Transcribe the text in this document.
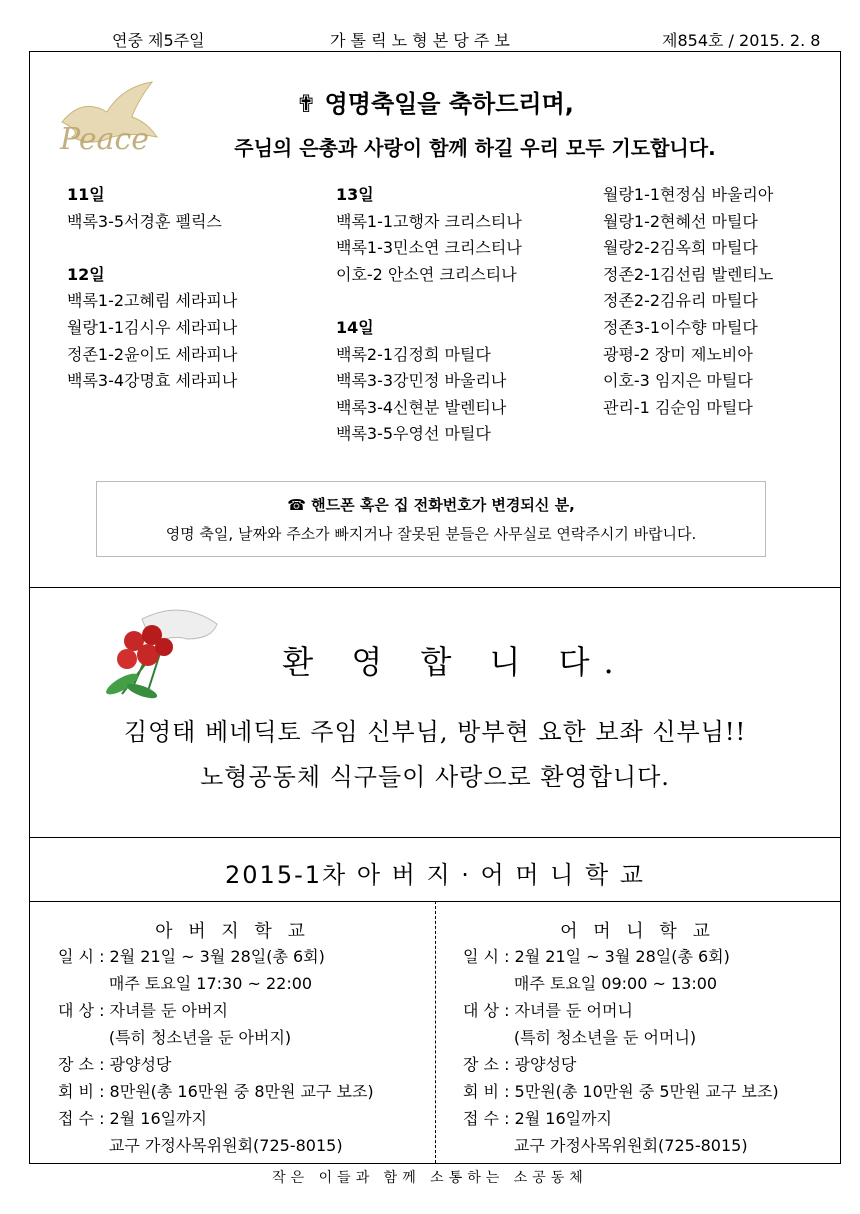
연중 제5주일	가 톨 릭 노 형 본 당 주 보	제854호 / 2015. 2. 8
Peace
✟ 영명축일을 축하드리며,
주님의 은총과 사랑이 함께 하길 우리 모두 기도합니다.
11일
백록3-5서경훈 펠릭스
12일
백록1-2고혜림 세라피나
월랑1-1김시우 세라피나
정존1-2윤이도 세라피나
백록3-4강명효 세라피나
13일
백록1-1고행자 크리스티나
백록1-3민소연 크리스티나
이호-2 안소연 크리스티나
14일
백록2-1김정희 마틸다
백록3-3강민정 바울리나
백록3-4신현분 발렌티나
백록3-5우영선 마틸다
월랑1-1현정심 바울리아
월랑1-2현혜선 마틸다
월랑2-2김옥희 마틸다
정존2-1김선림 발렌티노
정존2-2김유리 마틸다
정존3-1이수향 마틸다
광평-2 장미 제노비아
이호-3 임지은 마틸다
관리-1 김순임 마틸다
☎ 핸드폰 혹은 집 전화번호가 변경되신 분,
영명 축일, 날짜와 주소가 빠지거나 잘못된 분들은 사무실로 연락주시기 바랍니다.
환 영 합 니 다.
김영태 베네딕토 주임 신부님, 방부현 요한 보좌 신부님!!
노형공동체 식구들이 사랑으로 환영합니다.
2015-1차 아 버 지 · 어 머 니 학 교
아 버 지 학 교
일 시 : 2월 21일 ~ 3월 28일(총 6회)
매주 토요일 17:30 ~ 22:00
대 상 : 자녀를 둔 아버지
(특히 청소년을 둔 아버지)
장 소 : 광양성당
회 비 : 8만원(총 16만원 중 8만원 교구 보조)
접 수 : 2월 16일까지
교구 가정사목위원회(725-8015)
어 머 니 학 교
일 시 : 2월 21일 ~ 3월 28일(총 6회)
매주 토요일 09:00 ~ 13:00
대 상 : 자녀를 둔 어머니
(특히 청소년을 둔 어머니)
장 소 : 광양성당
회 비 : 5만원(총 10만원 중 5만원 교구 보조)
접 수 : 2월 16일까지
교구 가정사목위원회(725-8015)
작은 이들과 함께 소통하는 소공동체
